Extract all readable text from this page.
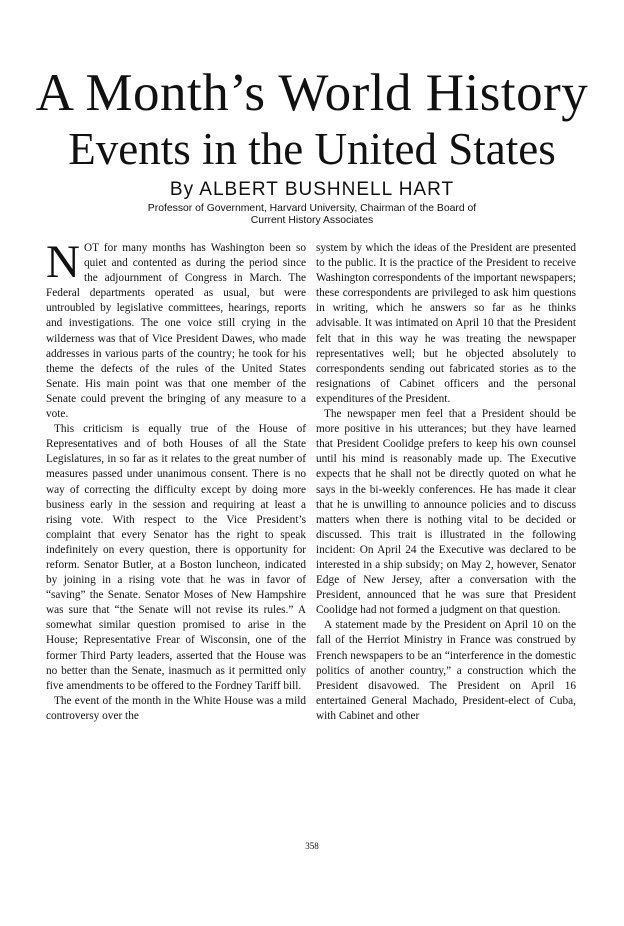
A Month’s World History
Events in the United States
By ALBERT BUSHNELL HART
Professor of Government, Harvard University, Chairman of the Board of
Current History Associates

NOT for many months has Washington been so quiet and contented as during the period since the adjournment of Congress in March. The Federal departments operated as usual, but were untroubled by legislative committees, hearings, reports and investigations. The one voice still crying in the wilderness was that of Vice President Dawes, who made addresses in various parts of the country; he took for his theme the defects of the rules of the United States Senate. His main point was that one member of the Senate could prevent the bringing of any measure to a vote.

This criticism is equally true of the House of Representatives and of both Houses of all the State Legislatures, in so far as it relates to the great number of measures passed under unanimous consent. There is no way of correcting the difficulty except by doing more business early in the session and requiring at least a rising vote. With respect to the Vice President’s complaint that every Senator has the right to speak indefinitely on every question, there is opportunity for reform. Senator Butler, at a Boston luncheon, indicated by joining in a rising vote that he was in favor of “saving” the Senate. Senator Moses of New Hampshire was sure that “the Senate will not revise its rules.” A somewhat similar question promised to arise in the House; Representative Frear of Wisconsin, one of the former Third Party leaders, asserted that the House was no better than the Senate, inasmuch as it permitted only five amendments to be offered to the Fordney Tariff bill.

The event of the month in the White House was a mild controversy over the

system by which the ideas of the President are presented to the public. It is the practice of the President to receive Washington correspondents of the important newspapers; these correspondents are privileged to ask him questions in writing, which he answers so far as he thinks advisable. It was intimated on April 10 that the President felt that in this way he was treating the newspaper representatives well; but he objected absolutely to correspondents sending out fabricated stories as to the resignations of Cabinet officers and the personal expenditures of the President.

The newspaper men feel that a President should be more positive in his utterances; but they have learned that President Coolidge prefers to keep his own counsel until his mind is reasonably made up. The Executive expects that he shall not be directly quoted on what he says in the bi-weekly conferences. He has made it clear that he is unwilling to announce policies and to discuss matters when there is nothing vital to be decided or discussed. This trait is illustrated in the following incident: On April 24 the Executive was declared to be interested in a ship subsidy; on May 2, however, Senator Edge of New Jersey, after a conversation with the President, announced that he was sure that President Coolidge had not formed a judgment on that question.

A statement made by the President on April 10 on the fall of the Herriot Ministry in France was construed by French newspapers to be an “interference in the domestic politics of another country,” a construction which the President disavowed. The President on April 16 entertained General Machado, President-elect of Cuba, with Cabinet and other

358
